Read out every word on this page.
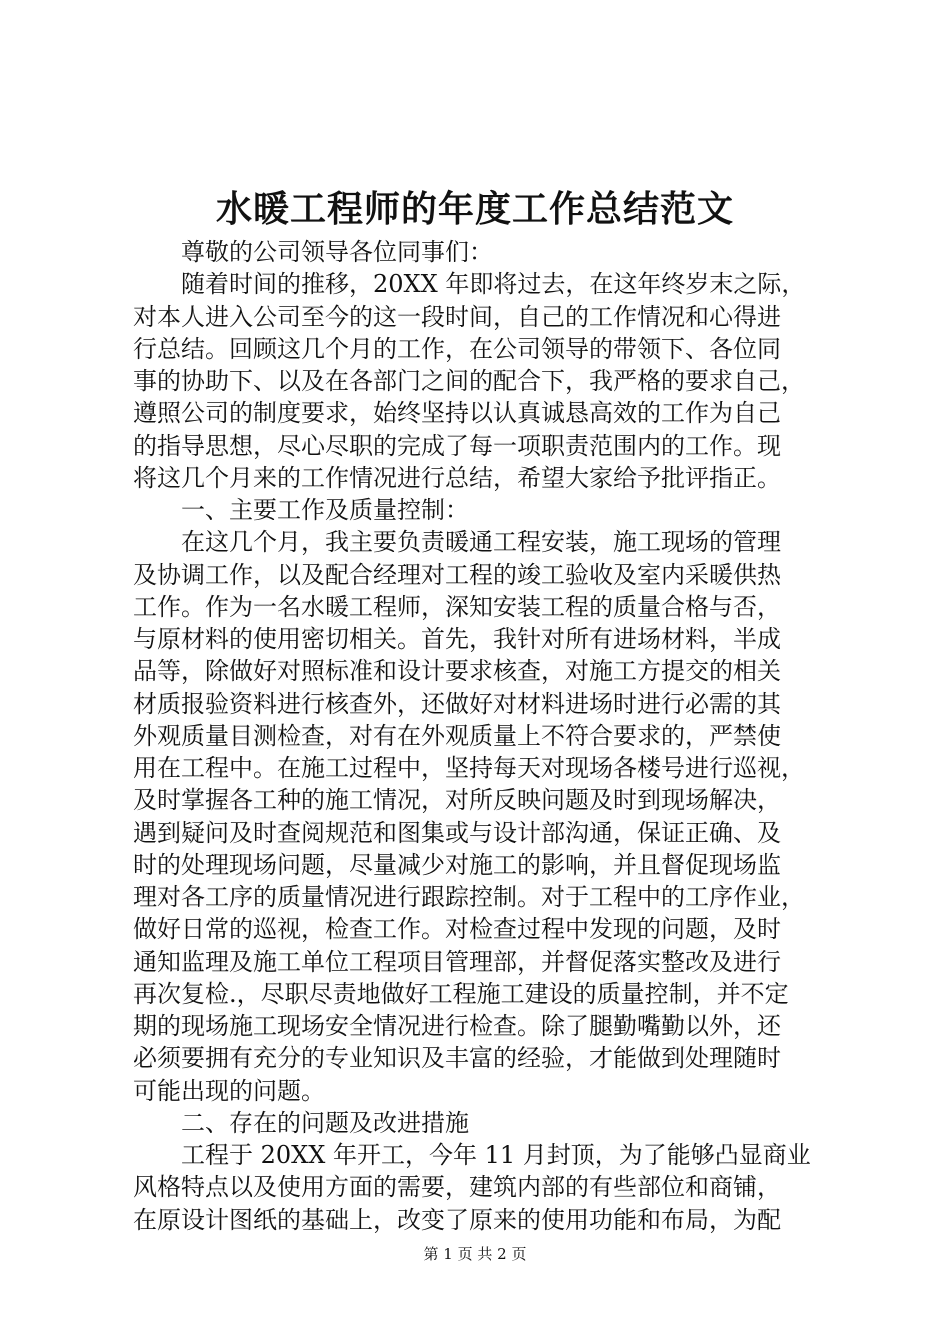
水暖工程师的年度工作总结范文
尊敬的公司领导各位同事们：
随着时间的推移，20XX 年即将过去，在这年终岁末之际，
对本人进入公司至今的这一段时间，自己的工作情况和心得进
行总结。回顾这几个月的工作，在公司领导的带领下、各位同
事的协助下、以及在各部门之间的配合下，我严格的要求自己，
遵照公司的制度要求，始终坚持以认真诚恳高效的工作为自己
的指导思想，尽心尽职的完成了每一项职责范围内的工作。现
将这几个月来的工作情况进行总结，希望大家给予批评指正。
一、主要工作及质量控制：
在这几个月，我主要负责暖通工程安装，施工现场的管理
及协调工作，以及配合经理对工程的竣工验收及室内采暖供热
工作。作为一名水暖工程师，深知安装工程的质量合格与否，
与原材料的使用密切相关。首先，我针对所有进场材料，半成
品等，除做好对照标准和设计要求核查，对施工方提交的相关
材质报验资料进行核查外，还做好对材料进场时进行必需的其
外观质量目测检查，对有在外观质量上不符合要求的，严禁使
用在工程中。在施工过程中，坚持每天对现场各楼号进行巡视，
及时掌握各工种的施工情况，对所反映问题及时到现场解决，
遇到疑问及时查阅规范和图集或与设计部沟通，保证正确、及
时的处理现场问题，尽量减少对施工的影响，并且督促现场监
理对各工序的质量情况进行跟踪控制。对于工程中的工序作业，
做好日常的巡视，检查工作。对检查过程中发现的问题，及时
通知监理及施工单位工程项目管理部，并督促落实整改及进行
再次复检.，尽职尽责地做好工程施工建设的质量控制，并不定
期的现场施工现场安全情况进行检查。除了腿勤嘴勤以外，还
必须要拥有充分的专业知识及丰富的经验，才能做到处理随时
可能出现的问题。
二、存在的问题及改进措施
工程于 20XX 年开工，今年 11 月封顶，为了能够凸显商业
风格特点以及使用方面的需要，建筑内部的有些部位和商铺，
在原设计图纸的基础上，改变了原来的使用功能和布局，为配
第 1 页 共 2 页
